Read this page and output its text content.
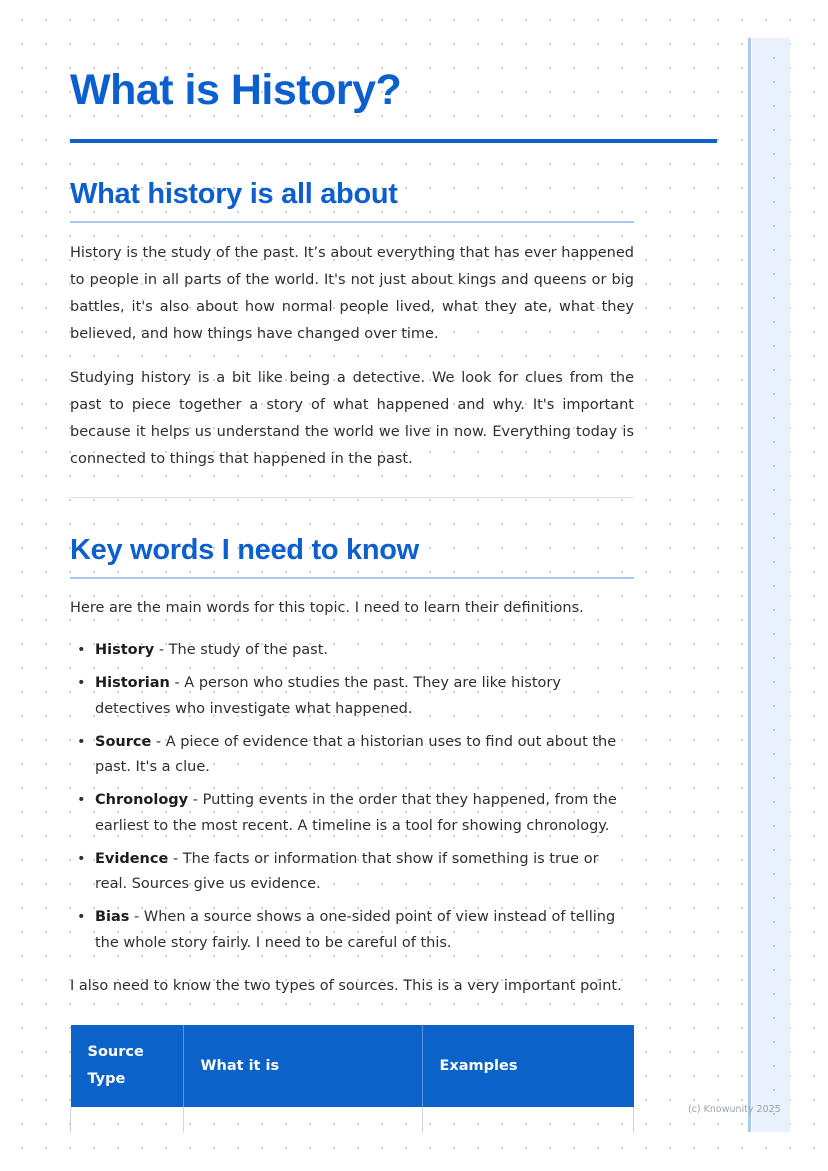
What is History?
What history is all about

History is the study of the past. It’s about everything that has ever happened to people in all parts of the world. It's not just about kings and queens or big battles, it's also about how normal people lived, what they ate, what they believed, and how things have changed over time.

Studying history is a bit like being a detective. We look for clues from the past to piece together a story of what happened and why. It's important because it helps us understand the world we live in now. Everything today is connected to things that happened in the past.

Key words I need to know

Here are the main words for this topic. I need to learn their definitions.

• History - The study of the past.
• Historian - A person who studies the past. They are like history detectives who investigate what happened.
• Source - A piece of evidence that a historian uses to find out about the past. It's a clue.
• Chronology - Putting events in the order that they happened, from the earliest to the most recent. A timeline is a tool for showing chronology.
• Evidence - The facts or information that show if something is true or real. Sources give us evidence.
• Bias - When a source shows a one-sided point of view instead of telling the whole story fairly. I need to be careful of this.

I also need to know the two types of sources. This is a very important point.

Source Type	What it is	Examples

(c) Knowunity 2025
